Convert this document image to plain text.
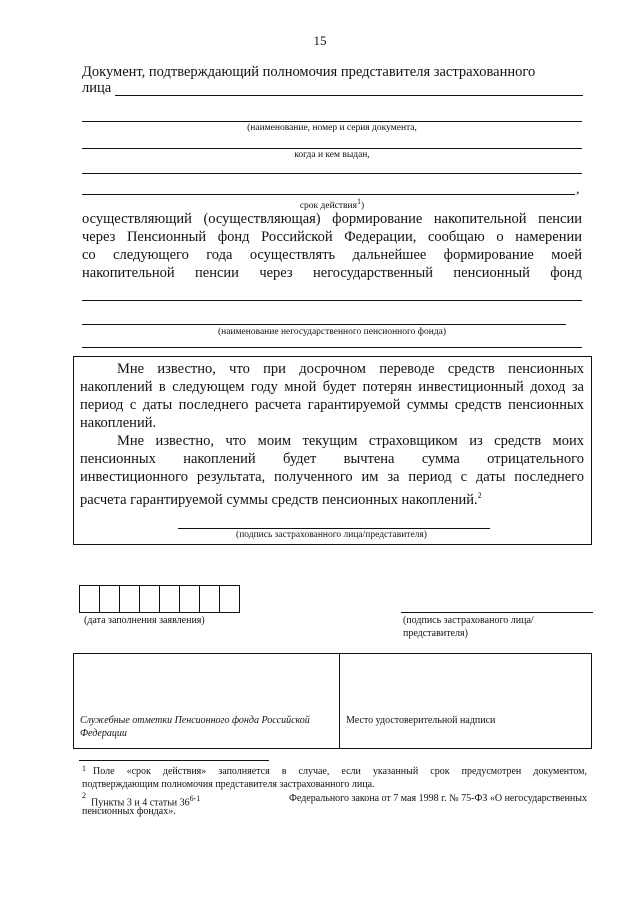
15
Документ, подтверждающий полномочия представителя застрахованного
лица
(наименование, номер и серия документа,
когда и кем выдан,
,
срок действия$^1$)
осуществляющий (осуществляющая) формирование накопительной пенсии
через Пенсионный фонд Российской Федерации, сообщаю о намерении
со следующего года осуществлять дальнейшее формирование моей
накопительной пенсии через негосударственный пенсионный фонд
(наименование негосударственного пенсионного фонда)
Мне известно, что при досрочном переводе средств пенсионных
накоплений в следующем году мной будет потерян инвестиционный доход за
период с даты последнего расчета гарантируемой суммы средств пенсионных
накоплений.
Мне известно, что моим текущим страховщиком из средств моих
пенсионных накоплений будет вычтена сумма отрицательного
инвестиционного результата, полученного им за период с даты последнего
расчета гарантируемой суммы средств пенсионных накоплений.$^2$
(подпись застрахованного лица/представителя)
(дата заполнения заявления)	(подпись застрахованого лица/
представителя)
Служебные отметки Пенсионного фонда Российской
Федерации
Место удостоверительной надписи
1 Поле «срок действия» заполняется в случае, если указанный срок предусмотрен документом,
подтверждающим полномочия представителя застрахованного лица.
2
Пункты 3 и 4 статьи 36$^{6-1}$	Федерального закона от 7 мая 1998 г. № 75-ФЗ «О негосударственных
пенсионных фондах».
